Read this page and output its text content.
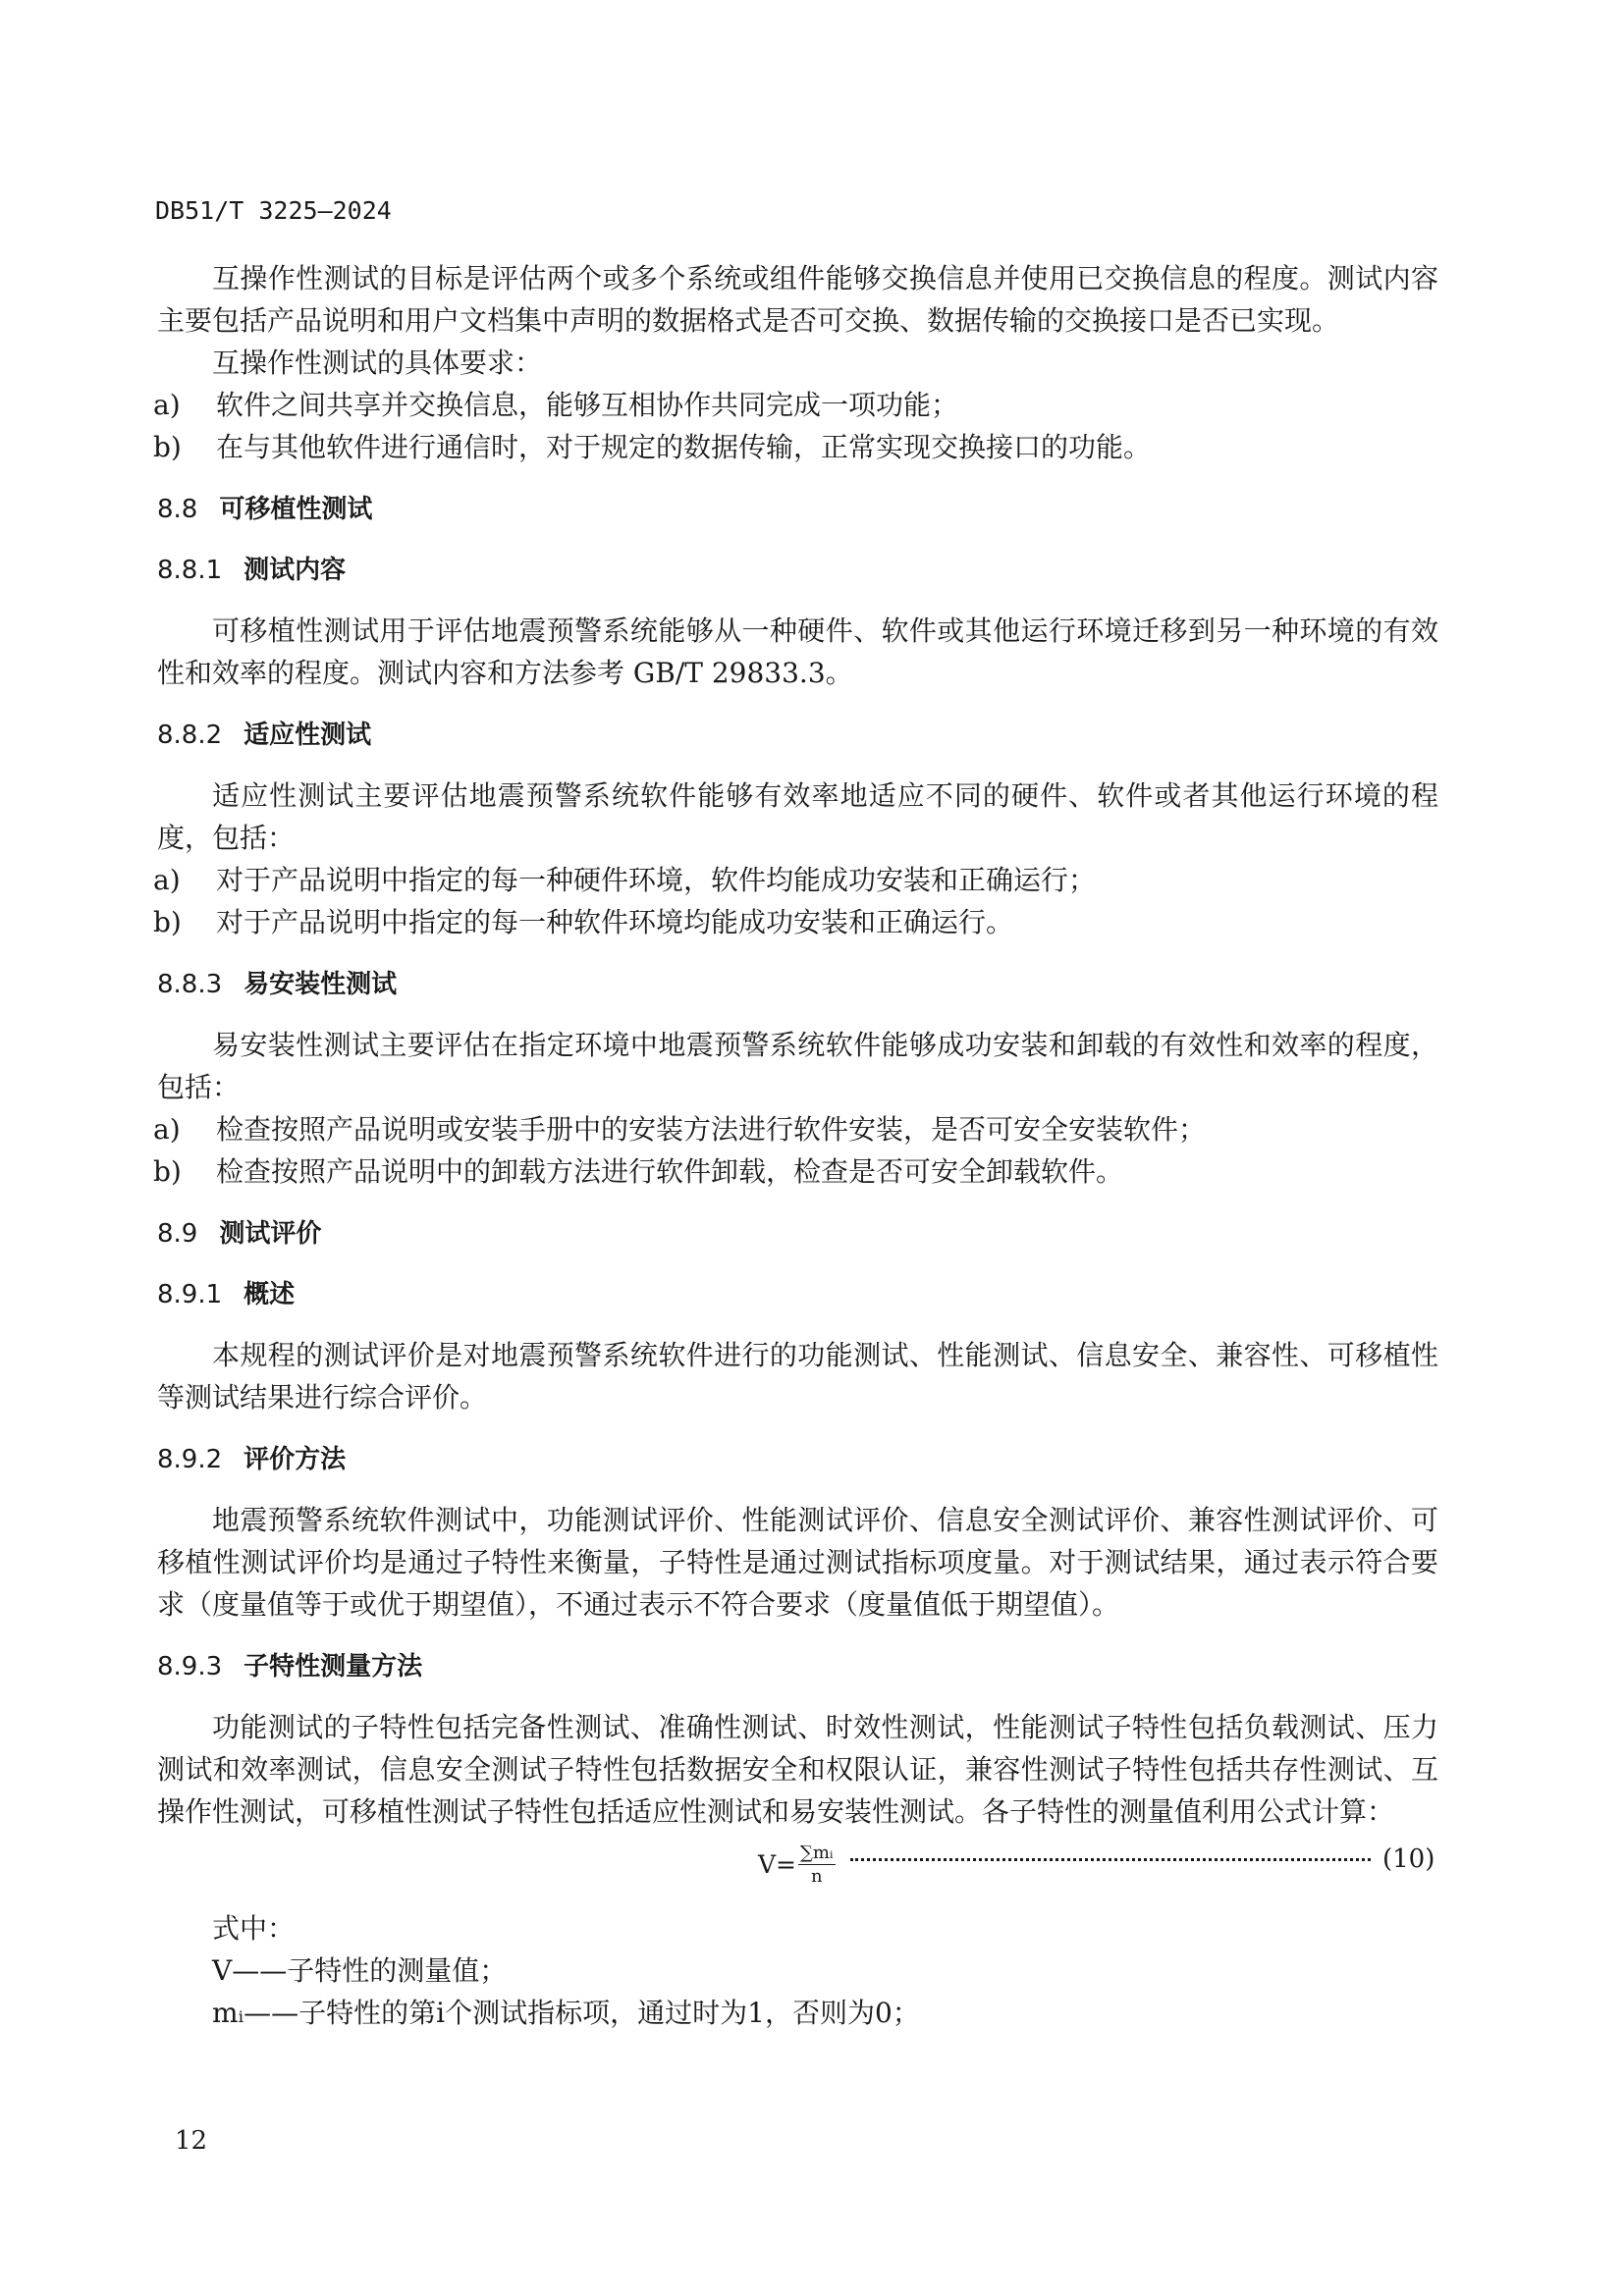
DB51/T 3225—2024

互操作性测试的目标是评估两个或多个系统或组件能够交换信息并使用已交换信息的程度。测试内容主要包括产品说明和用户文档集中声明的数据格式是否可交换、数据传输的交换接口是否已实现。

互操作性测试的具体要求：

a)	软件之间共享并交换信息，能够互相协作共同完成一项功能；
b)	在与其他软件进行通信时，对于规定的数据传输，正常实现交换接口的功能。
8.8 可移植性测试
8.8.1 测试内容

可移植性测试用于评估地震预警系统能够从一种硬件、软件或其他运行环境迁移到另一种环境的有效性和效率的程度。测试内容和方法参考 GB/T 29833.3。

8.8.2 适应性测试

适应性测试主要评估地震预警系统软件能够有效率地适应不同的硬件、软件或者其他运行环境的程度，包括：

a)	对于产品说明中指定的每一种硬件环境，软件均能成功安装和正确运行；
b)	对于产品说明中指定的每一种软件环境均能成功安装和正确运行。
8.8.3 易安装性测试

易安装性测试主要评估在指定环境中地震预警系统软件能够成功安装和卸载的有效性和效率的程度，包括：

a)	检查按照产品说明或安装手册中的安装方法进行软件安装，是否可安全安装软件；
b)	检查按照产品说明中的卸载方法进行软件卸载，检查是否可安全卸载软件。
8.9 测试评价
8.9.1 概述

本规程的测试评价是对地震预警系统软件进行的功能测试、性能测试、信息安全、兼容性、可移植性等测试结果进行综合评价。

8.9.2 评价方法

地震预警系统软件测试中，功能测试评价、性能测试评价、信息安全测试评价、兼容性测试评价、可移植性测试评价均是通过子特性来衡量，子特性是通过测试指标项度量。对于测试结果，通过表示符合要求（度量值等于或优于期望值），不通过表示不符合要求（度量值低于期望值）。

8.9.3 子特性测量方法

功能测试的子特性包括完备性测试、准确性测试、时效性测试，性能测试子特性包括负载测试、压力测试和效率测试，信息安全测试子特性包括数据安全和权限认证，兼容性测试子特性包括共存性测试、互操作性测试，可移植性测试子特性包括适应性测试和易安装性测试。各子特性的测量值利用公式计算：

$V= \frac{\text{∑mᵢ}}{n}$	(10)

式中：

V——子特性的测量值；

mᵢ——子特性的第i个测试指标项，通过时为1，否则为0；

12
